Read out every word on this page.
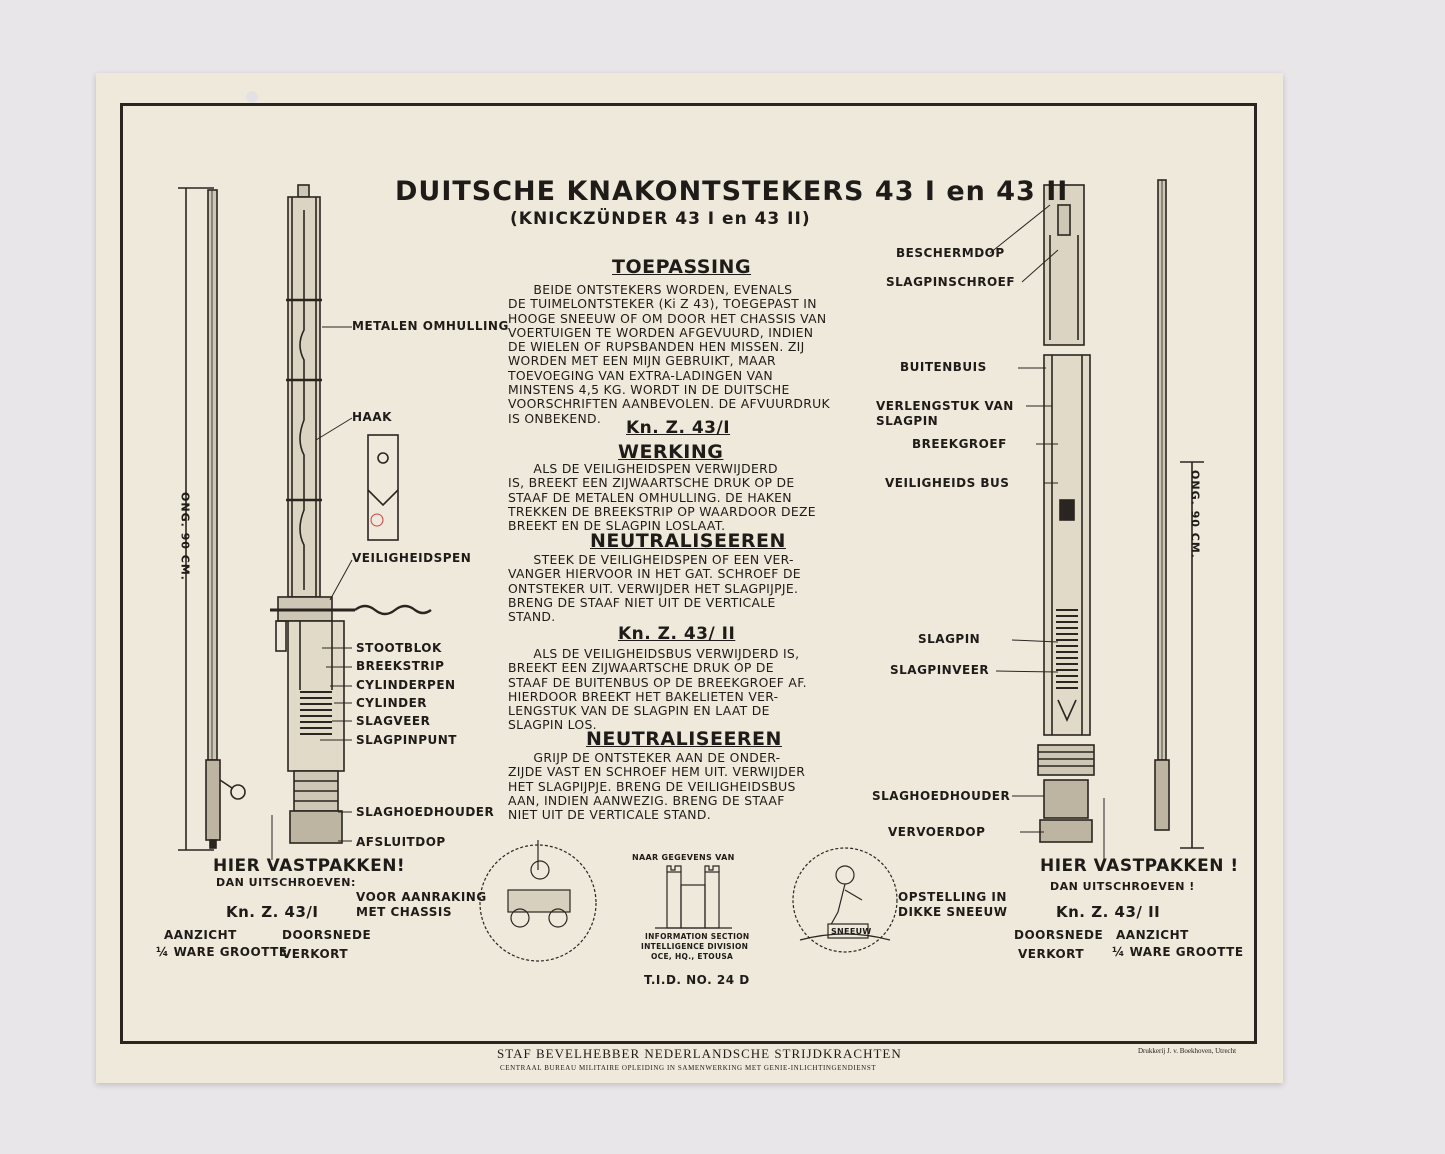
DUITSCHE KNAKONTSTEKERS 43 I en 43 II
(KNICKZÜNDER 43 I en 43 II)
TOEPASSING
BEIDE ONTSTEKERS WORDEN, EVENALS
DE TUIMELONTSTEKER (Ki Z 43), TOEGEPAST IN
HOOGE SNEEUW OF OM DOOR HET CHASSIS VAN
VOERTUIGEN TE WORDEN AFGEVUURD, INDIEN
DE WIELEN OF RUPSBANDEN HEN MISSEN. ZIJ
WORDEN MET EEN MIJN GEBRUIKT, MAAR
TOEVOEGING VAN EXTRA-LADINGEN VAN
MINSTENS 4,5 KG. WORDT IN DE DUITSCHE
VOORSCHRIFTEN AANBEVOLEN. DE AFVUURDRUK
IS ONBEKEND.	Kn. Z. 43/I
WERKING
ALS DE VEILIGHEIDSPEN VERWIJDERD
IS, BREEKT EEN ZIJWAARTSCHE DRUK OP DE
STAAF DE METALEN OMHULLING. DE HAKEN
TREKKEN DE BREEKSTRIP OP WAARDOOR DEZE
BREEKT EN DE SLAGPIN LOSLAAT.
NEUTRALISEEREN
STEEK DE VEILIGHEIDSPEN OF EEN VER-
VANGER HIERVOOR IN HET GAT. SCHROEF DE
ONTSTEKER UIT. VERWIJDER HET SLAGPIJPJE.
BRENG DE STAAF NIET UIT DE VERTICALE
STAND.
Kn. Z. 43/ II
ALS DE VEILIGHEIDSBUS VERWIJDERD IS,
BREEKT EEN ZIJWAARTSCHE DRUK OP DE
STAAF DE BUITENBUS OP DE BREEKGROEF AF.
HIERDOOR BREEKT HET BAKELIETEN VER-
LENGSTUK VAN DE SLAGPIN EN LAAT DE
SLAGPIN LOS.
NEUTRALISEEREN
GRIJP DE ONTSTEKER AAN DE ONDER-
ZIJDE VAST EN SCHROEF HEM UIT. VERWIJDER
HET SLAGPIJPJE. BRENG DE VEILIGHEIDSBUS
AAN, INDIEN AANWEZIG. BRENG DE STAAF
NIET UIT DE VERTICALE STAND.
METALEN OMHULLING
HAAK
VEILIGHEIDSPEN
STOOTBLOK
BREEKSTRIP
CYLINDERPEN
CYLINDER
SLAGVEER
SLAGPINPUNT
SLAGHOEDHOUDER
AFSLUITDOP
BESCHERMDOP
SLAGPINSCHROEF
BUITENBUIS
VERLENGSTUK VAN
SLAGPIN
BREEKGROEF
VEILIGHEIDS BUS
SLAGPIN
SLAGPINVEER
SLAGHOEDHOUDER
VERVOERDOP
ONG. 90 CM.	ONG. 90 CM.
HIER VASTPAKKEN!
DAN UITSCHROEVEN:
Kn. Z. 43/I
AANZICHT
¼ WARE GROOTTE
DOORSNEDE
VERKORT
HIER VASTPAKKEN !
DAN UITSCHROEVEN !
Kn. Z. 43/ II
DOORSNEDE
VERKORT
AANZICHT
¼ WARE GROOTTE
VOOR AANRAKING
MET CHASSIS
OPSTELLING IN
DIKKE SNEEUW
SNEEUW
NAAR GEGEVENS VAN
INFORMATION SECTION
INTELLIGENCE DIVISION
OCE, HQ., ETOUSA
T.I.D. NO. 24 D
STAF BEVELHEBBER NEDERLANDSCHE STRIJDKRACHTEN
CENTRAAL BUREAU MILITAIRE OPLEIDING IN SAMENWERKING MET GENIE-INLICHTINGENDIENST
Drukkerij J. v. Boekhoven, Utrecht
